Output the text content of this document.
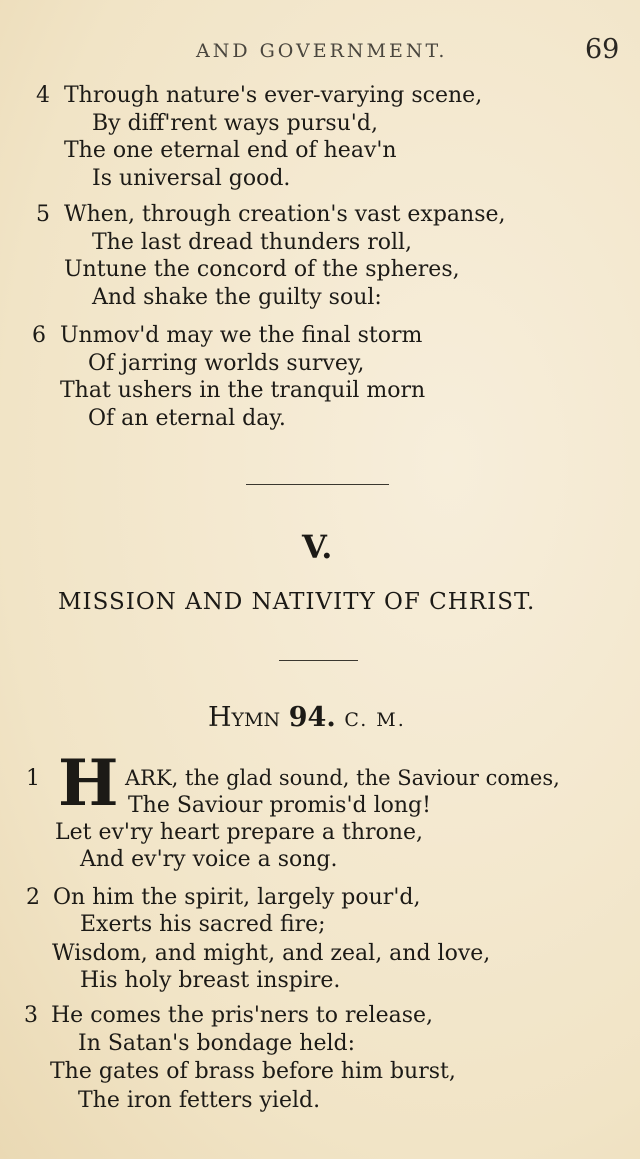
AND GOVERNMENT.	69
4 Through nature's ever-varying scene,
By diff'rent ways pursu'd,
The one eternal end of heav'n
Is universal good.
5 When, through creation's vast expanse,
The last dread thunders roll,
Untune the concord of the spheres,
And shake the guilty soul:
6 Unmov'd may we the final storm
Of jarring worlds survey,
That ushers in the tranquil morn
Of an eternal day.
V.
MISSION AND NATIVITY OF CHRIST.
Hymn 94. C. M.
1 H ARK, the glad sound, the Saviour comes,
The Saviour promis'd long!
Let ev'ry heart prepare a throne,
And ev'ry voice a song.
2 On him the spirit, largely pour'd,
Exerts his sacred fire;
Wisdom, and might, and zeal, and love,
His holy breast inspire.
3 He comes the pris'ners to release,
In Satan's bondage held:
The gates of brass before him burst,
The iron fetters yield.
